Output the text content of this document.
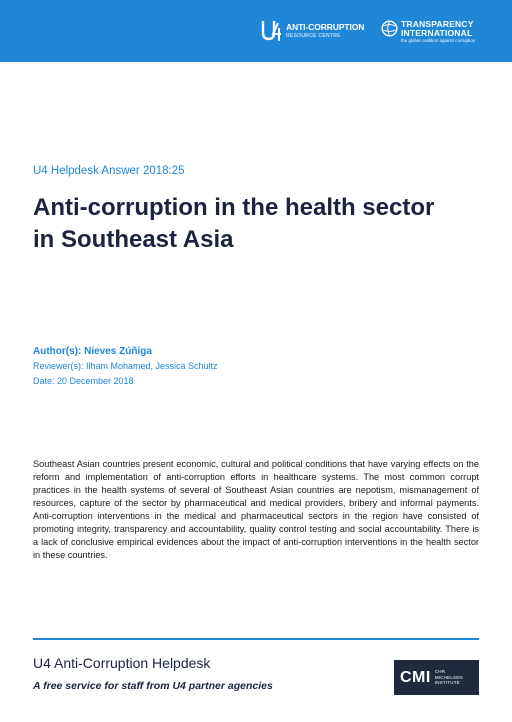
ANTI-CORRUPTION
RESOURCE CENTRE
TRANSPARENCY
INTERNATIONAL
the global coalition against corruption
U4 Helpdesk Answer 2018:25
Anti-corruption in the health sector
in Southeast Asia
Author(s): Nieves Zúñiga
Reviewer(s): Ilham Mohamed, Jessica Schultz
Date: 20 December 2018

Southeast Asian countries present economic, cultural and political conditions that have varying effects on the reform and implementation of anti-corruption efforts in healthcare systems. The most common corrupt practices in the health systems of several of Southeast Asian countries are nepotism, mismanagement of resources, capture of the sector by pharmaceutical and medical providers, bribery and informal payments. Anti-corruption interventions in the medical and pharmaceutical sectors in the region have consisted of promoting integrity, transparency and accountability, quality control testing and social accountability. There is a lack of conclusive empirical evidences about the impact of anti-corruption interventions in the health sector in these countries.

U4 Anti-Corruption Helpdesk
A free service for staff from U4 partner agencies
CMI CHR.
MICHELSEN
INSTITUTE
